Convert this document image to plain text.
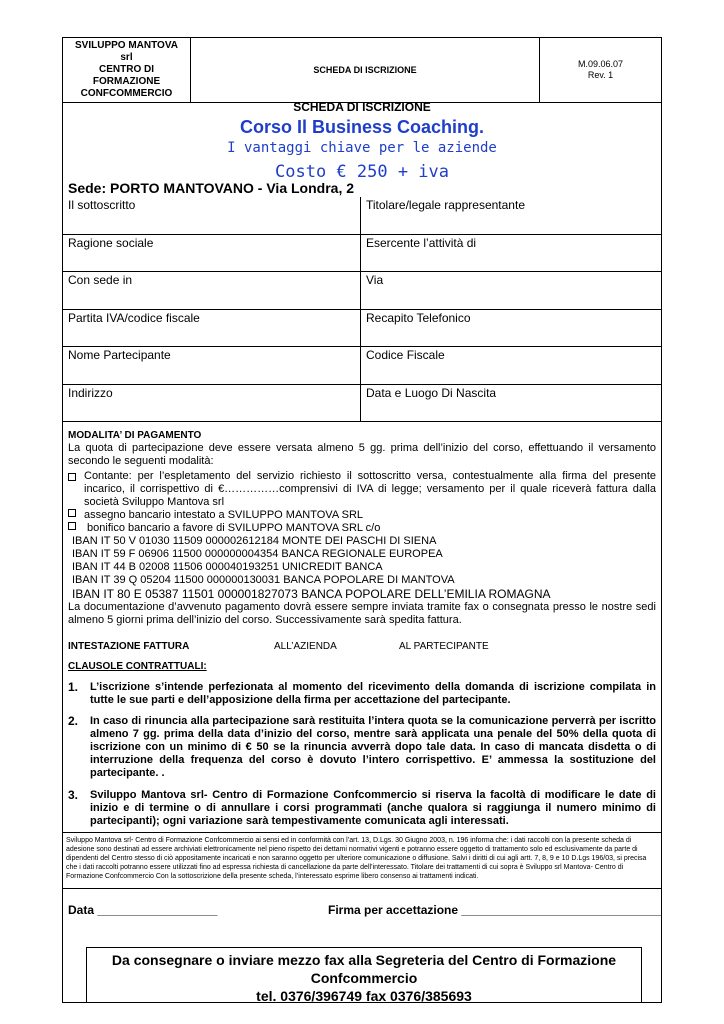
SVILUPPO MANTOVA
srl
CENTRO DI
FORMAZIONE
CONFCOMMERCIO
SCHEDA DI ISCRIZIONE
M.09.06.07
Rev. 1
SCHEDA DI ISCRIZIONE
Corso Il Business Coaching.
I vantaggi chiave per le aziende
Costo € 250 + iva
Sede: PORTO MANTOVANO - Via Londra, 2
Il sottoscritto	Titolare/legale rappresentante
Ragione sociale	Esercente l’attività di
Con sede in	Via
Partita IVA/codice fiscale	Recapito Telefonico
Nome Partecipante	Codice Fiscale
Indirizzo	Data e Luogo Di Nascita
MODALITA’ DI PAGAMENTO
La quota di partecipazione deve essere versata almeno 5 gg. prima dell’inizio del corso, effettuando il versamento secondo le seguenti modalità:
Contante: per l’espletamento del servizio richiesto il sottoscritto versa, contestualmente alla firma del presente incarico, il corrispettivo di €……………comprensivi di IVA di legge; versamento per il quale riceverà fattura dalla società Sviluppo Mantova srl
assegno bancario intestato a SVILUPPO MANTOVA SRL
bonifico bancario a favore di SVILUPPO MANTOVA SRL c/o
IBAN IT 50 V 01030 11509 000002612184 MONTE DEI PASCHI DI SIENA
IBAN IT 59 F 06906 11500 000000004354 BANCA REGIONALE EUROPEA
IBAN IT 44 B 02008 11506 000040193251 UNICREDIT BANCA
IBAN IT 39 Q 05204 11500 000000130031 BANCA POPOLARE DI MANTOVA
IBAN IT 80 E 05387 11501 000001827073 BANCA POPOLARE DELL’EMILIA ROMAGNA
La documentazione d’avvenuto pagamento dovrà essere sempre inviata tramite fax o consegnata presso le nostre sedi almeno 5 giorni prima dell’inizio del corso. Successivamente sarà spedita fattura.
INTESTAZIONE FATTURA	ALL’AZIENDA	AL PARTECIPANTE
CLAUSOLE CONTRATTUALI:
1.	L’iscrizione s’intende perfezionata al momento del ricevimento della domanda di iscrizione compilata in tutte le sue parti e dell’apposizione della firma per accettazione del partecipante.
2.	In caso di rinuncia alla partecipazione sarà restituita l’intera quota se la comunicazione perverrà per iscritto almeno 7 gg. prima della data d’inizio del corso, mentre sarà applicata una penale del 50% della quota di iscrizione con un minimo di € 50 se la rinuncia avverrà dopo tale data. In caso di mancata disdetta o di interruzione della frequenza del corso è dovuto l’intero corrispettivo. E’ ammessa la sostituzione del partecipante. .
3.	Sviluppo Mantova srl- Centro di Formazione Confcommercio si riserva la facoltà di modificare le date di inizio e di termine o di annullare i corsi programmati (anche qualora si raggiunga il numero minimo di partecipanti); ogni variazione sarà tempestivamente comunicata agli interessati.
Sviluppo Mantova srl- Centro di Formazione Confcommercio ai sensi ed in conformità con l’art. 13, D.Lgs. 30 Giugno 2003, n. 196 informa che: i dati raccolti con la presente scheda di adesione sono destinati ad essere archiviati elettronicamente nel pieno rispetto dei dettami normativi vigenti e potranno essere oggetto di trattamento solo ed esclusivamente da parte di dipendenti del Centro stesso di ciò appositamente incaricati e non saranno oggetto per ulteriore comunicazione o diffusione. Salvi i diritti di cui agli artt. 7, 8, 9 e 10 D.Lgs 196/03, si precisa che i dati raccolti potranno essere utilizzati fino ad espressa richiesta di cancellazione da parte dell’interessato. Titolare dei trattamenti di cui sopra è Sviluppo srl Mantova- Centro di Formazione Confcommercio Con la sottoscrizione della presente scheda, l’interessato esprime libero consenso ai trattamenti indicati.
Data __________________	Firma per accettazione ______________________________
Da consegnare o inviare mezzo fax alla Segreteria del Centro di Formazione
Confcommercio
tel. 0376/396749 fax 0376/385693
